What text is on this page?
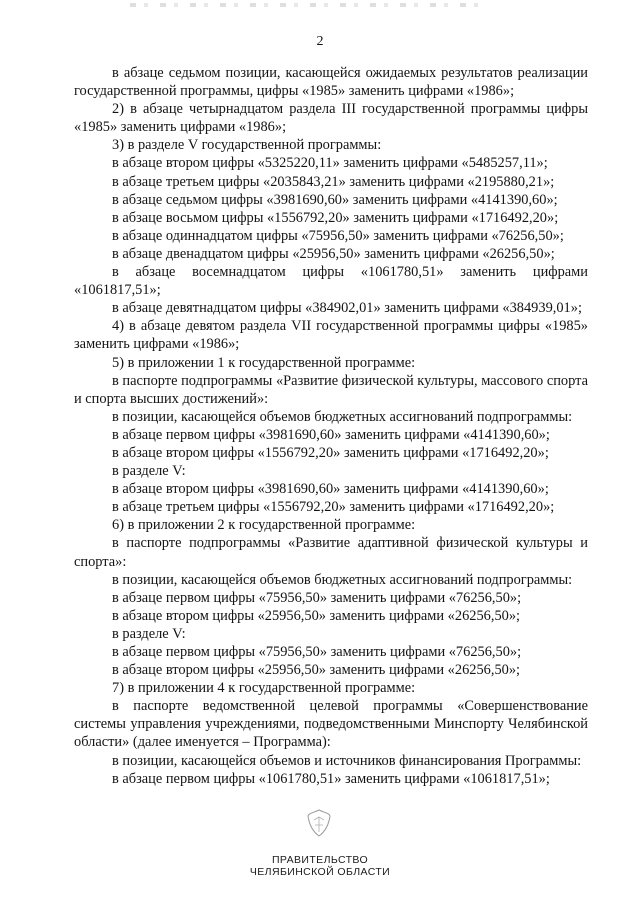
2

в абзаце седьмом позиции, касающейся ожидаемых результатов реализации государственной программы, цифры «1985» заменить цифрами «1986»;

2) в абзаце четырнадцатом раздела III государственной программы цифры «1985» заменить цифрами «1986»;

3) в разделе V государственной программы:

в абзаце втором цифры «5325220,11» заменить цифрами «5485257,11»;

в абзаце третьем цифры «2035843,21» заменить цифрами «2195880,21»;

в абзаце седьмом цифры «3981690,60» заменить цифрами «4141390,60»;

в абзаце восьмом цифры «1556792,20» заменить цифрами «1716492,20»;

в абзаце одиннадцатом цифры «75956,50» заменить цифрами «76256,50»;

в абзаце двенадцатом цифры «25956,50» заменить цифрами «26256,50»;

в абзаце восемнадцатом цифры «1061780,51» заменить цифрами «1061817,51»;

в абзаце девятнадцатом цифры «384902,01» заменить цифрами «384939,01»;

4) в абзаце девятом раздела VII государственной программы цифры «1985» заменить цифрами «1986»;

5) в приложении 1 к государственной программе:

в паспорте подпрограммы «Развитие физической культуры, массового спорта и спорта высших достижений»:

в позиции, касающейся объемов бюджетных ассигнований подпрограммы:

в абзаце первом цифры «3981690,60» заменить цифрами «4141390,60»;

в абзаце втором цифры «1556792,20» заменить цифрами «1716492,20»;

в разделе V:

в абзаце втором цифры «3981690,60» заменить цифрами «4141390,60»;

в абзаце третьем цифры «1556792,20» заменить цифрами «1716492,20»;

6) в приложении 2 к государственной программе:

в паспорте подпрограммы «Развитие адаптивной физической культуры и спорта»:

в позиции, касающейся объемов бюджетных ассигнований подпрограммы:

в абзаце первом цифры «75956,50» заменить цифрами «76256,50»;

в абзаце втором цифры «25956,50» заменить цифрами «26256,50»;

в разделе V:

в абзаце первом цифры «75956,50» заменить цифрами «76256,50»;

в абзаце втором цифры «25956,50» заменить цифрами «26256,50»;

7) в приложении 4 к государственной программе:

в паспорте ведомственной целевой программы «Совершенствование системы управления учреждениями, подведомственными Минспорту Челябинской области» (далее именуется – Программа):

в позиции, касающейся объемов и источников финансирования Программы:

в абзаце первом цифры «1061780,51» заменить цифрами «1061817,51»;

ПРАВИТЕЛЬСТВО
ЧЕЛЯБИНСКОЙ ОБЛАСТИ
